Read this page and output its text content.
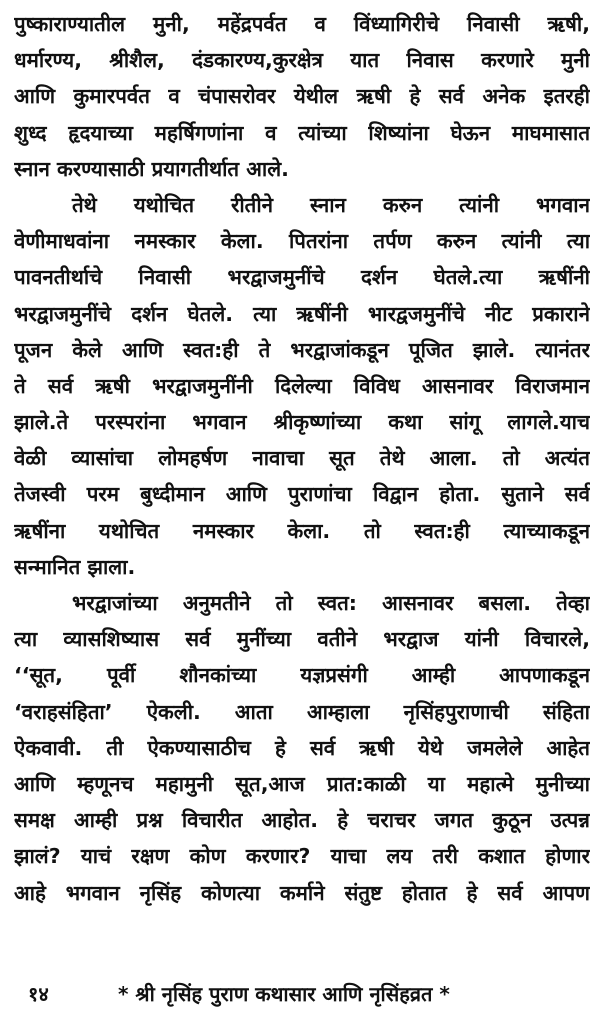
पुष्काराण्यातील मुनी, महेंद्रपर्वत व विंध्यागिरीचे निवासी ऋषी,
धर्मारण्य, श्रीशैल, दंडकारण्य,कुरक्षेत्र यात निवास करणारे मुनी
आणि कुमारपर्वत व चंपासरोवर येथील ऋषी हे सर्व अनेक इतरही
शुध्द हृदयाच्या महर्षिगणांना व त्यांच्या शिष्यांना घेऊन माघमासात
स्नान करण्यासाठी प्रयागतीर्थात आले.
तेथे यथोचित रीतीने स्नान करुन त्यांनी भगवान
वेणीमाधवांना नमस्कार केला. पितरांना तर्पण करुन त्यांनी त्या
पावनतीर्थाचे निवासी भरद्वाजमुनींचे दर्शन घेतले.त्या ऋषींनी
भरद्वाजमुनींचे दर्शन घेतले. त्या ऋषींनी भारद्वजमुनींचे नीट प्रकाराने
पूजन केले आणि स्वत:ही ते भरद्वाजांकडून पूजित झाले. त्यानंतर
ते सर्व ऋषी भरद्वाजमुनींनी दिलेल्या विविध आसनावर विराजमान
झाले.ते परस्परांना भगवान श्रीकृष्णांच्या कथा सांगू लागले.याच
वेळी व्यासांचा लोमहर्षण नावाचा सूत तेथे आला. तो अत्यंत
तेजस्वी परम बुध्दीमान आणि पुराणांचा विद्वान होता. सुताने सर्व
ऋषींना यथोचित नमस्कार केला. तो स्वत:ही त्याच्याकडून
सन्मानित झाला.
भरद्वाजांच्या अनुमतीने तो स्वत: आसनावर बसला. तेव्हा
त्या व्यासशिष्यास सर्व मुनींच्या वतीने भरद्वाज यांनी विचारले,
‘‘सूत, पूर्वी शौनकांच्या यज्ञप्रसंगी आम्ही आपणाकडून
‘वराहसंहिता’ ऐकली. आता आम्हाला नृसिंहपुराणाची संहिता
ऐकवावी. ती ऐकण्यासाठीच हे सर्व ऋषी येथे जमलेले आहेत
आणि म्हणूनच महामुनी सूत,आज प्रात:काळी या महात्मे मुनीच्या
समक्ष आम्ही प्रश्न विचारीत आहोत. हे चराचर जगत कुठून उत्पन्न
झालं? याचं रक्षण कोण करणार? याचा लय तरी कशात होणार
आहे भगवान नृसिंह कोणत्या कर्माने संतुष्ट होतात हे सर्व आपण
१४	* श्री नृसिंह पुराण कथासार आणि नृसिंहव्रत *
